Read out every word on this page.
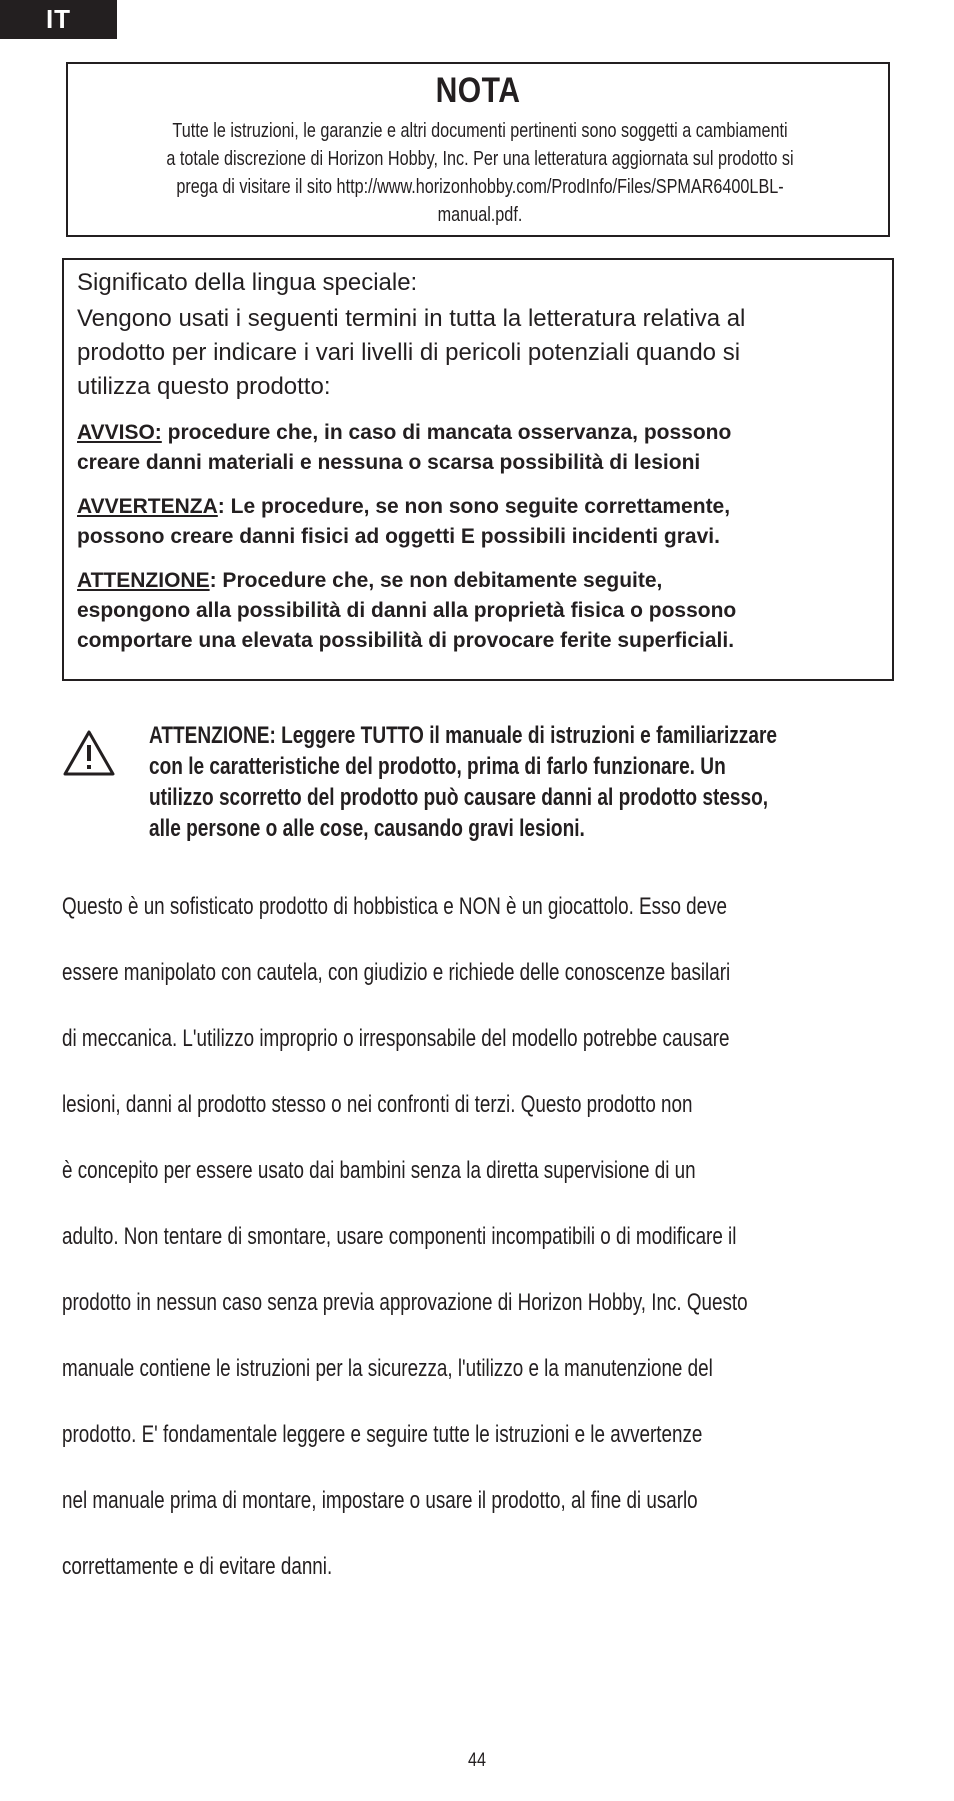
IT
NOTA
Tutte le istruzioni, le garanzie e altri documenti pertinenti sono soggetti a cambiamenti
a totale discrezione di Horizon Hobby, Inc. Per una letteratura aggiornata sul prodotto si
prega di visitare il sito http://www.horizonhobby.com/ProdInfo/Files/SPMAR6400LBL-
manual.pdf.

Significato della lingua speciale:

Vengono usati i seguenti termini in tutta la letteratura relativa al
prodotto per indicare i vari livelli di pericoli potenziali quando si
utilizza questo prodotto:

AVVISO: procedure che, in caso di mancata osservanza, possono
creare danni materiali e nessuna o scarsa possibilità di lesioni

AVVERTENZA: Le procedure, se non sono seguite correttamente,
possono creare danni fisici ad oggetti E possibili incidenti gravi.

ATTENZIONE: Procedure che, se non debitamente seguite,
espongono alla possibilità di danni alla proprietà fisica o possono
comportare una elevata possibilità di provocare ferite superficiali.

ATTENZIONE: Leggere TUTTO il manuale di istruzioni e familiarizzare
con le caratteristiche del prodotto, prima di farlo funzionare. Un
utilizzo scorretto del prodotto può causare danni al prodotto stesso,
alle persone o alle cose, causando gravi lesioni.

Questo è un sofisticato prodotto di hobbistica e NON è un giocattolo. Esso deve

essere manipolato con cautela, con giudizio e richiede delle conoscenze basilari

di meccanica. L'utilizzo improprio o irresponsabile del modello potrebbe causare

lesioni, danni al prodotto stesso o nei confronti di terzi. Questo prodotto non

è concepito per essere usato dai bambini senza la diretta supervisione di un

adulto. Non tentare di smontare, usare componenti incompatibili o di modificare il

prodotto in nessun caso senza previa approvazione di Horizon Hobby, Inc. Questo

manuale contiene le istruzioni per la sicurezza, l'utilizzo e la manutenzione del

prodotto. E' fondamentale leggere e seguire tutte le istruzioni e le avvertenze

nel manuale prima di montare, impostare o usare il prodotto, al fine di usarlo

correttamente e di evitare danni.

44
